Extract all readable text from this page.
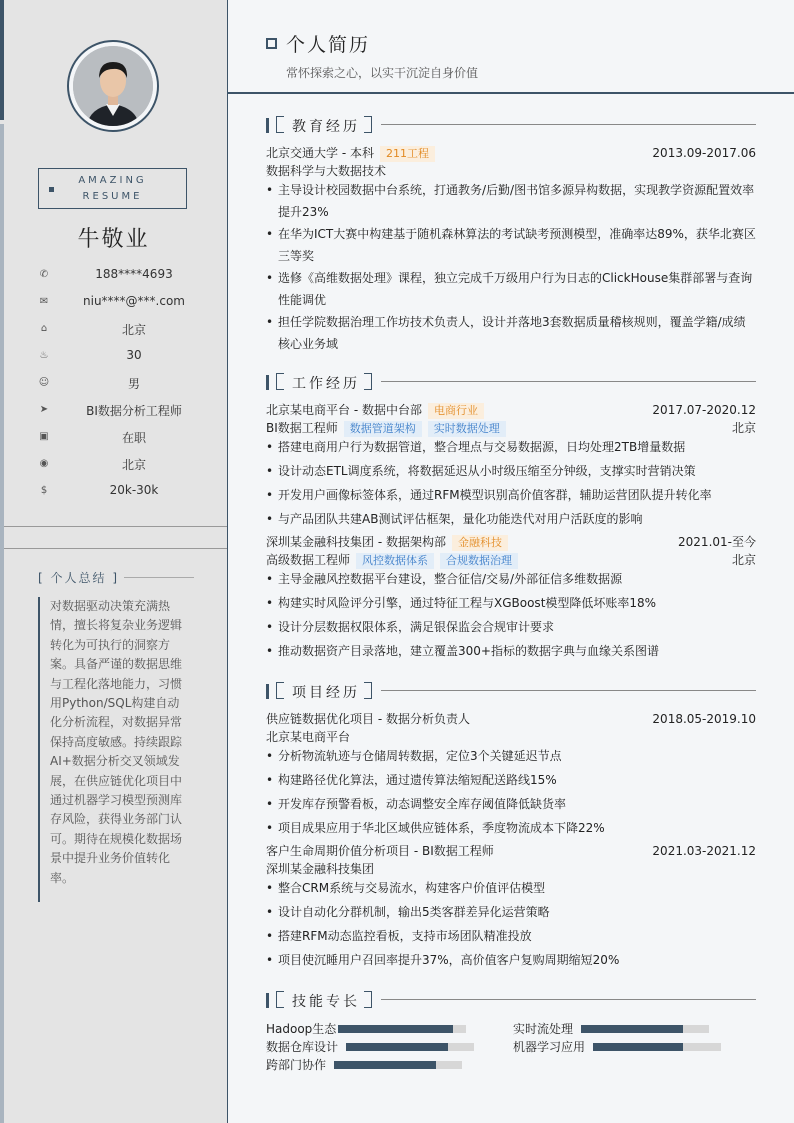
AMAZING
RESUME
牛敬业
✆	188****4693
✉	niu****@***.com
⌂	北京
♨	30
☺	男
➤	BI数据分析工程师
▣	在职
◉	北京
$	20k-30k
[ 个人总结 ]
对数据驱动决策充满热情，擅长将复杂业务逻辑转化为可执行的洞察方案。具备严谨的数据思维与工程化落地能力，习惯用Python/SQL构建自动化分析流程，对数据异常保持高度敏感。持续跟踪AI+数据分析交叉领域发展，在供应链优化项目中通过机器学习模型预测库存风险，获得业务部门认可。期待在规模化数据场景中提升业务价值转化率。
个人简历
常怀探索之心，以实干沉淀自身价值
教育经历
北京交通大学 - 本科 211工程	2013.09-2017.06
数据科学与大数据技术
• 主导设计校园数据中台系统，打通教务/后勤/图书馆多源异构数据，实现教学资源配置效率提升23%
• 在华为ICT大赛中构建基于随机森林算法的考试缺考预测模型，准确率达89%，获华北赛区三等奖
• 选修《高维数据处理》课程，独立完成千万级用户行为日志的ClickHouse集群部署与查询性能调优
• 担任学院数据治理工作坊技术负责人，设计并落地3套数据质量稽核规则，覆盖学籍/成绩核心业务域
工作经历
北京某电商平台 - 数据中台部 电商行业	2017.07-2020.12
BI数据工程师 数据管道架构 实时数据处理	北京
• 搭建电商用户行为数据管道，整合埋点与交易数据源，日均处理2TB增量数据
• 设计动态ETL调度系统，将数据延迟从小时级压缩至分钟级，支撑实时营销决策
• 开发用户画像标签体系，通过RFM模型识别高价值客群，辅助运营团队提升转化率
• 与产品团队共建AB测试评估框架，量化功能迭代对用户活跃度的影响
深圳某金融科技集团 - 数据架构部 金融科技	2021.01-至今
高级数据工程师 风控数据体系 合规数据治理	北京
• 主导金融风控数据平台建设，整合征信/交易/外部征信多维数据源
• 构建实时风险评分引擎，通过特征工程与XGBoost模型降低坏账率18%
• 设计分层数据权限体系，满足银保监会合规审计要求
• 推动数据资产目录落地，建立覆盖300+指标的数据字典与血缘关系图谱
项目经历
供应链数据优化项目 - 数据分析负责人	2018.05-2019.10
北京某电商平台
• 分析物流轨迹与仓储周转数据，定位3个关键延迟节点
• 构建路径优化算法，通过遗传算法缩短配送路线15%
• 开发库存预警看板，动态调整安全库存阈值降低缺货率
• 项目成果应用于华北区域供应链体系，季度物流成本下降22%
客户生命周期价值分析项目 - BI数据工程师	2021.03-2021.12
深圳某金融科技集团
• 整合CRM系统与交易流水，构建客户价值评估模型
• 设计自动化分群机制，输出5类客群差异化运营策略
• 搭建RFM动态监控看板，支持市场团队精准投放
• 项目使沉睡用户召回率提升37%，高价值客户复购周期缩短20%
技能专长
Hadoop生态	实时流处理
数据仓库设计	机器学习应用
跨部门协作
